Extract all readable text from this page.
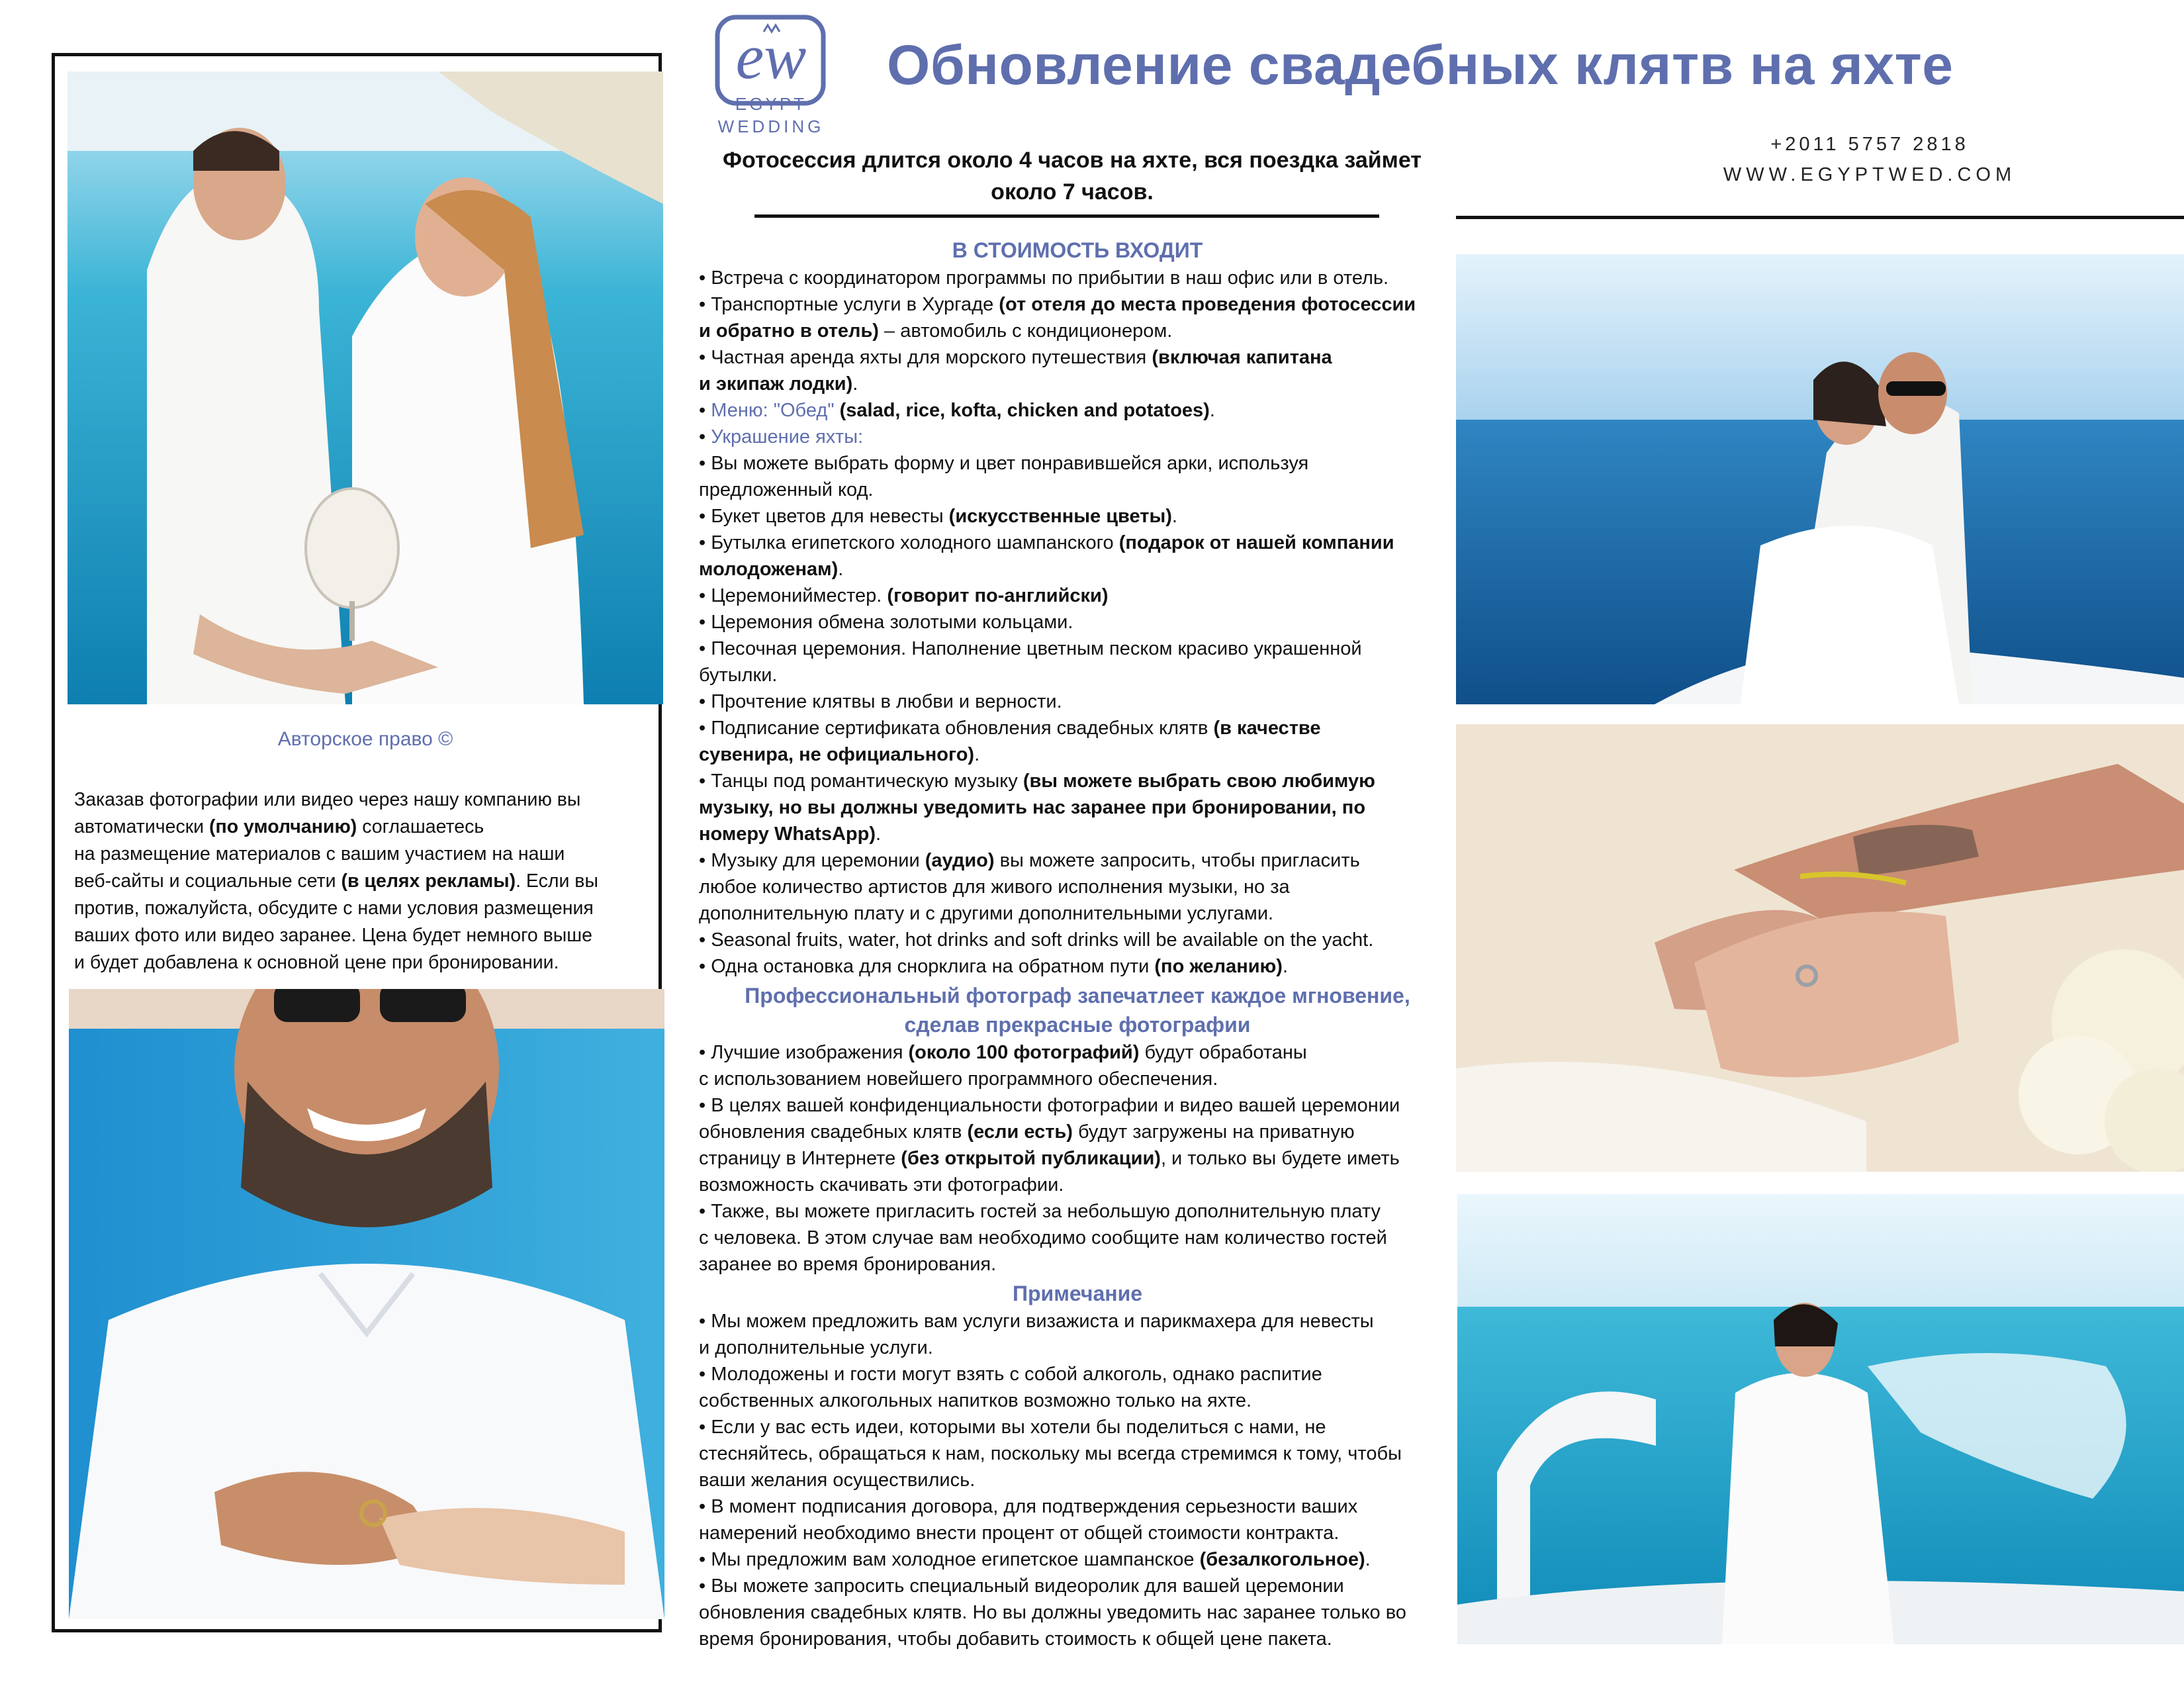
Авторское право ©
Заказав фотографии или видео через нашу компанию вы
автоматически (по умолчанию) соглашаетесь
на размещение материалов с вашим участием на наши
веб-сайты и социальные сети (в целях рекламы). Если вы
против, пожалуйста, обсудите с нами условия размещения
ваших фото или видео заранее. Цена будет немного выше
и будет добавлена к основной цене при бронировании.
ew
EGYPT
WEDDING
Обновление свадебных клятв на яхте
Фотосессия длится около 4 часов на яхте, вся поездка займет
около 7 часов.
+2011 5757 2818
WWW.EGYPTWED.COM
В СТОИМОСТЬ ВХОДИТ
• Встреча с координатором программы по прибытии в наш офис или в отель.
• Транспортные услуги в Хургаде (от отеля до места проведения фотосессии
и обратно в отель) – автомобиль с кондиционером.
• Частная аренда яхты для морского путешествия (включая капитана
и экипаж лодки).
• Меню: "Обед" (salad, rice, kofta, chicken and potatoes).
• Украшение яхты:
• Вы можете выбрать форму и цвет понравившейся арки, используя
предложенный код.
• Букет цветов для невесты (искусственные цветы).
• Бутылка египетского холодного шампанского (подарок от нашей компании
молодоженам).
• Церемонийместер. (говорит по-английски)
• Церемония обмена золотыми кольцами.
• Песочная церемония. Наполнение цветным песком красиво украшенной
бутылки.
• Прочтение клятвы в любви и верности.
• Подписание сертификата обновления свадебных клятв (в качестве
сувенира, не официального).
• Танцы под романтическую музыку (вы можете выбрать свою любимую
музыку, но вы должны уведомить нас заранее при бронировании, по
номеру WhatsApp).
• Музыку для церемонии (аудио) вы можете запросить, чтобы пригласить
любое количество артистов для живого исполнения музыки, но за
дополнительную плату и с другими дополнительными услугами.
• Seasonal fruits, water, hot drinks and soft drinks will be available on the yacht.
• Одна остановка для снорклига на обратном пути (по желанию).
Профессиональный фотограф запечатлеет каждое мгновение,
сделав прекрасные фотографии
• Лучшие изображения (около 100 фотографий) будут обработаны
с использованием новейшего программного обеспечения.
• В целях вашей конфиденциальности фотографии и видео вашей церемонии
обновления свадебных клятв (если есть) будут загружены на приватную
страницу в Интернете (без открытой публикации), и только вы будете иметь
возможность скачивать эти фотографии.
• Также, вы можете пригласить гостей за небольшую дополнительную плату
с человека. В этом случае вам необходимо сообщите нам количество гостей
заранее во время бронирования.
Примечание
• Мы можем предложить вам услуги визажиста и парикмахера для невесты
и дополнительные услуги.
• Молодожены и гости могут взять с собой алкоголь, однако распитие
собственных алкогольных напитков возможно только на яхте.
• Если у вас есть идеи, которыми вы хотели бы поделиться с нами, не
стесняйтесь, обращаться к нам, поскольку мы всегда стремимся к тому, чтобы
ваши желания осуществились.
• В момент подписания договора, для подтверждения серьезности ваших
намерений необходимо внести процент от общей стоимости контракта.
• Мы предложим вам холодное египетское шампанское (безалкогольное).
• Вы можете запросить специальный видеоролик для вашей церемонии
обновления свадебных клятв. Но вы должны уведомить нас заранее только во
время бронирования, чтобы добавить стоимость к общей цене пакета.
